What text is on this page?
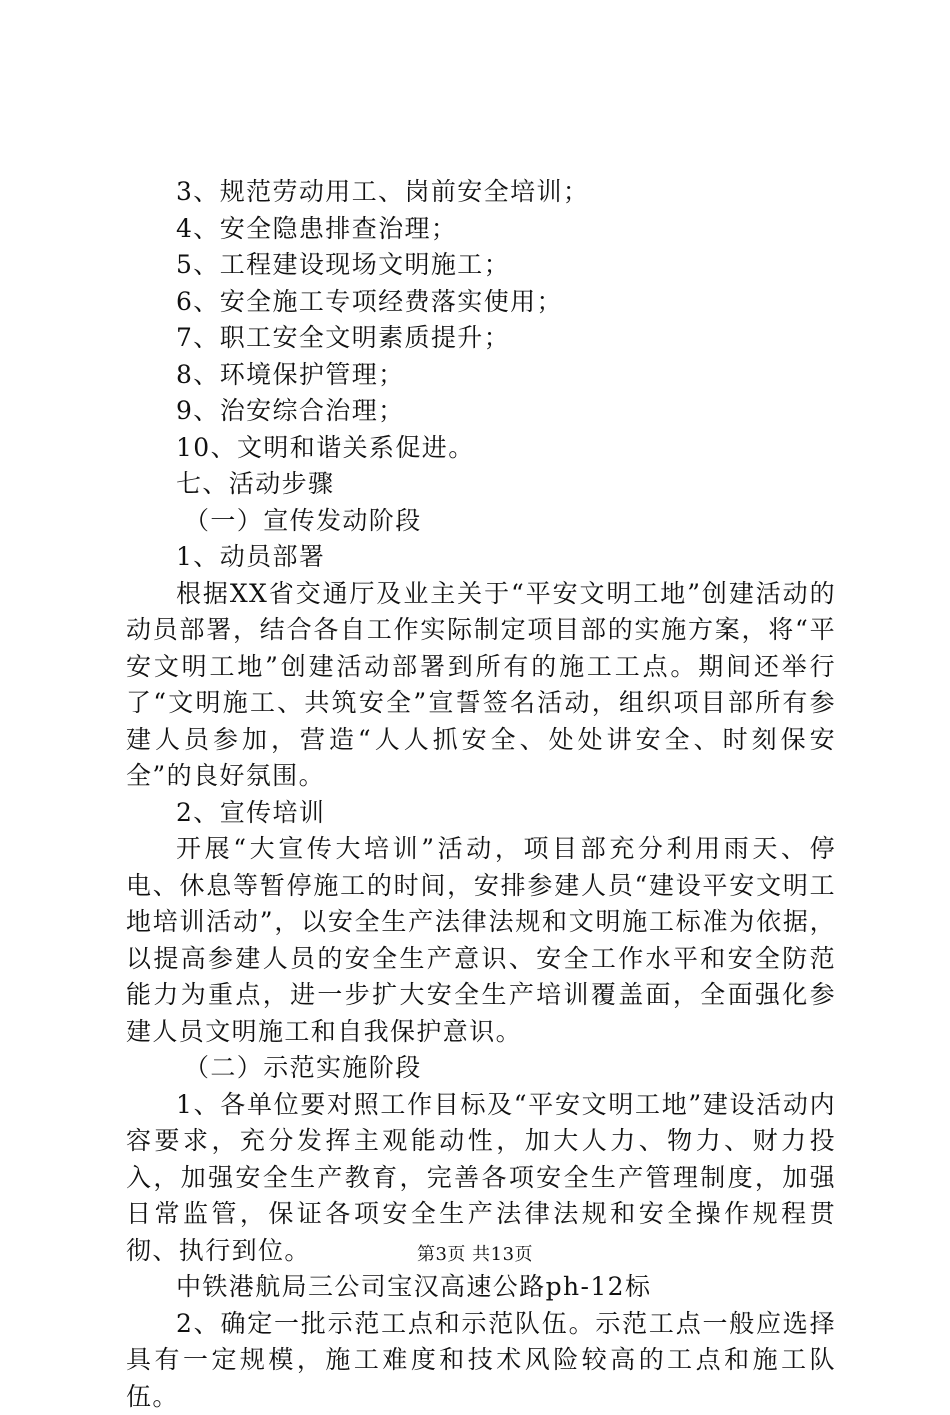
3、规范劳动用工、岗前安全培训；
4、安全隐患排查治理；
5、工程建设现场文明施工；
6、安全施工专项经费落实使用；
7、职工安全文明素质提升；
8、环境保护管理；
9、治安综合治理；
10、文明和谐关系促进。
七、活动步骤
（一）宣传发动阶段
1、动员部署

根据XX省交通厅及业主关于“平安文明工地”创建活动的动员部署，结合各自工作实际制定项目部的实施方案，将“平安文明工地”创建活动部署到所有的施工工点。期间还举行了“文明施工、共筑安全”宣誓签名活动，组织项目部所有参建人员参加，营造“人人抓安全、处处讲安全、时刻保安全”的良好氛围。

2、宣传培训

开展“大宣传大培训”活动，项目部充分利用雨天、停电、休息等暂停施工的时间，安排参建人员“建设平安文明工地培训活动”，以安全生产法律法规和文明施工标准为依据，以提高参建人员的安全生产意识、安全工作水平和安全防范能力为重点，进一步扩大安全生产培训覆盖面，全面强化参建人员文明施工和自我保护意识。

（二）示范实施阶段

1、各单位要对照工作目标及“平安文明工地”建设活动内容要求，充分发挥主观能动性，加大人力、物力、财力投入，加强安全生产教育，完善各项安全生产管理制度，加强日常监管，保证各项安全生产法律法规和安全操作规程贯彻、执行到位。

中铁港航局三公司宝汉高速公路ph-12标

2、确定一批示范工点和示范队伍。示范工点一般应选择具有一定规模，施工难度和技术风险较高的工点和施工队伍。

第3页 共13页
